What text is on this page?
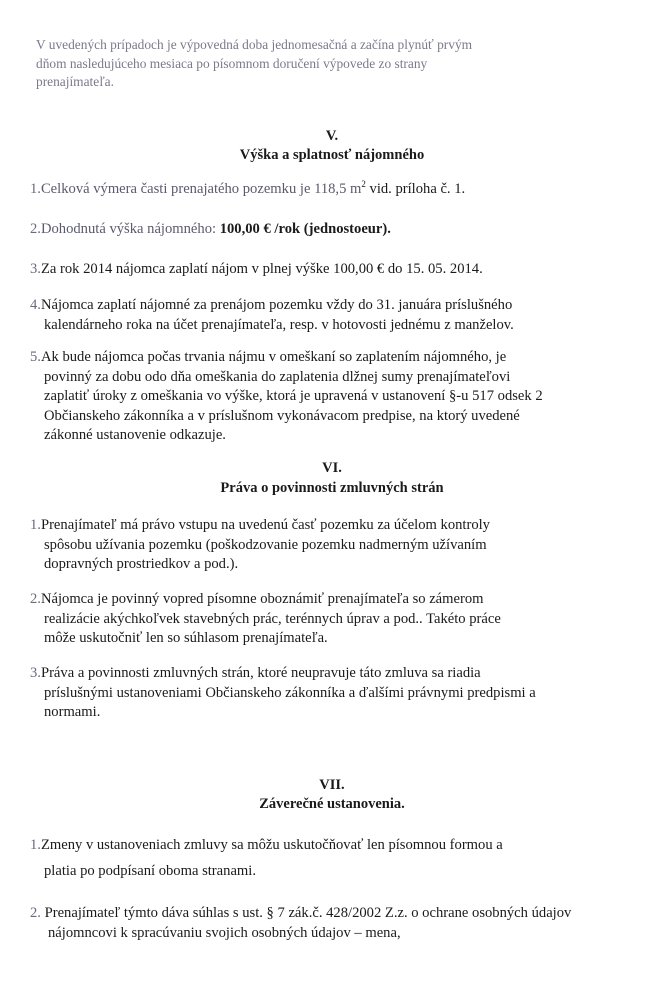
V uvedených prípadoch je výpovedná doba jednomesačná a začína plynúť prvým
dňom nasledujúceho mesiaca po písomnom doručení výpovede zo strany
prenajímateľa.
V.
Výška a splatnosť nájomného
1.Celková výmera časti prenajatého pozemku je 118,5 $m^2$ vid. príloha č. 1.
2.Dohodnutá výška nájomného: 100,00 € /rok (jednostoeur).
3.Za rok 2014 nájomca zaplatí nájom v plnej výške 100,00 € do 15. 05. 2014.
4.Nájomca zaplatí nájomné za prenájom pozemku vždy do 31. januára príslušného
kalendárneho roka na účet prenajímateľa, resp. v hotovosti jednému z manželov.
5.Ak bude nájomca počas trvania nájmu v omeškaní so zaplatením nájomného, je
povinný za dobu odo dňa omeškania do zaplatenia dlžnej sumy prenajímateľovi
zaplatiť úroky z omeškania vo výške, ktorá je upravená v ustanovení §-u 517 odsek 2
Občianskeho zákonníka a v príslušnom vykonávacom predpise, na ktorý uvedené
zákonné ustanovenie odkazuje.
VI.
Práva o povinnosti zmluvných strán
1.Prenajímateľ má právo vstupu na uvedenú časť pozemku za účelom kontroly
spôsobu užívania pozemku (poškodzovanie pozemku nadmerným užívaním
dopravných prostriedkov a pod.).
2.Nájomca je povinný vopred písomne oboznámiť prenajímateľa so zámerom
realizácie akýchkoľvek stavebných prác, terénnych úprav a pod.. Takéto práce
môže uskutočniť len so súhlasom prenajímateľa.
3.Práva a povinnosti zmluvných strán, ktoré neupravuje táto zmluva sa riadia
príslušnými ustanoveniami Občianskeho zákonníka a ďalšími právnymi predpismi a
normami.
VII.
Záverečné ustanovenia.
1.Zmeny v ustanoveniach zmluvy sa môžu uskutočňovať len písomnou formou a
platia po podpísaní oboma stranami.
2. Prenajímateľ týmto dáva súhlas s ust. § 7 zák.č. 428/2002 Z.z. o ochrane osobných údajov
nájomncovi k spracúvaniu svojich osobných údajov – mena,
